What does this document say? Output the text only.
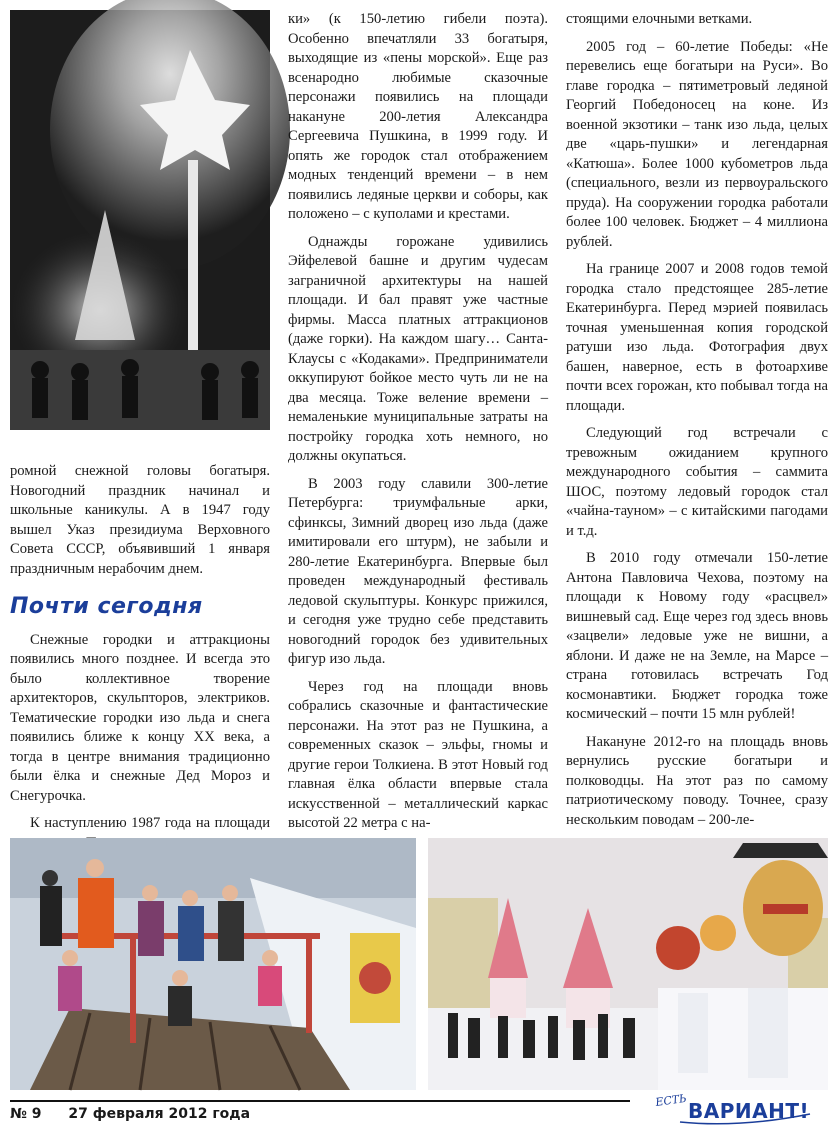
ромной снежной головы богатыря. Новогодний праздник начинал и школьные каникулы. А в 1947 году вышел Указ президиума Верховного Совета СССР, объявивший 1 января праздничным нерабочим днем.

Почти сегодня

Снежные городки и аттракционы появились много позднее. И всегда это было коллективное творение архитекторов, скульпторов, электриков. Тематические городки изо льда и снега появились ближе к концу XX века, а тогда в центре внимания традиционно были ёлка и снежные Дед Мороз и Снегурочка.

К наступлению 1987 года на площади

ки» (к 150-летию гибели поэта). Особенно впечатляли 33 богатыря, выходящие из «пены морской». Еще раз всенародно любимые сказочные персонажи появились на площади накануне 200-летия Александра Сергеевича Пушкина, в 1999 году. И опять же городок стал отображением модных тенденций времени – в нем появились ледяные церкви и соборы, как положено – с куполами и крестами.

Однажды горожане удивились Эйфелевой башне и другим чудесам заграничной архитектуры на нашей площади. И бал правят уже частные фирмы. Масса платных аттракционов (даже горки). На каждом шагу… Санта-Клаусы с «Кодаками». Предприниматели оккупируют бойкое место чуть ли не на два месяца. Тоже веление времени – немаленькие муниципальные затраты на постройку городка хоть немного, но должны окупаться.

В 2003 году славили 300-летие Петербурга: триумфальные арки, сфинксы, Зимний дворец изо льда (даже имитировали его штурм), не забыли и 280-летие Екатеринбурга. Впервые был проведен международный фестиваль ледовой скульптуры. Конкурс прижился, и сегодня уже трудно себе представить новогодний городок без удивительных фигур изо льда.

Через год на площади вновь собрались сказочные и фантастические персонажи. На этот раз не Пушкина, а современных сказок – эльфы, гномы и другие герои Толкиена. В этот Новый год главная ёлка области впервые стала искусственной – металлический каркас высотой 22 метра с на-

стоящими елочными ветками.

2005 год – 60-летие Победы: «Не перевелись еще богатыри на Руси». Во главе городка – пятиметровый ледяной Георгий Победоносец на коне. Из военной экзотики – танк изо льда, целых две «царь-пушки» и легендарная «Катюша». Более 1000 кубометров льда (специального, везли из первоуральского пруда). На сооружении городка работали более 100 человек. Бюджет – 4 миллиона рублей.

На границе 2007 и 2008 годов темой городка стало предстоящее 285-летие Екатеринбурга. Перед мэрией появилась точная уменьшенная копия городской ратуши изо льда. Фотография двух башен, наверное, есть в фотоархиве почти всех горожан, кто побывал тогда на площади.

Следующий год встречали с тревожным ожиданием крупного международного события – саммита ШОС, поэтому ледовый городок стал «чайна-тауном» – с китайскими пагодами и т.д.

В 2010 году отмечали 150-летие Антона Павловича Чехова, поэтому на площади к Новому году «расцвел» вишневый сад. Еще через год здесь вновь «зацвели» ледовые уже не вишни, а яблони. И даже не на Земле, на Марсе – страна готовилась встречать Год космонавтики. Бюджет городка тоже космический – почти 15 млн рублей!

Накануне 2012-го на площадь вновь вернулись русские богатыри и полководцы. На этот раз по самому патриотическому поводу. Точнее, сразу нескольким поводам – 200-ле-

№ 9 27 февраля 2012 года
ЕСТЬ ВАРИАНТ!
